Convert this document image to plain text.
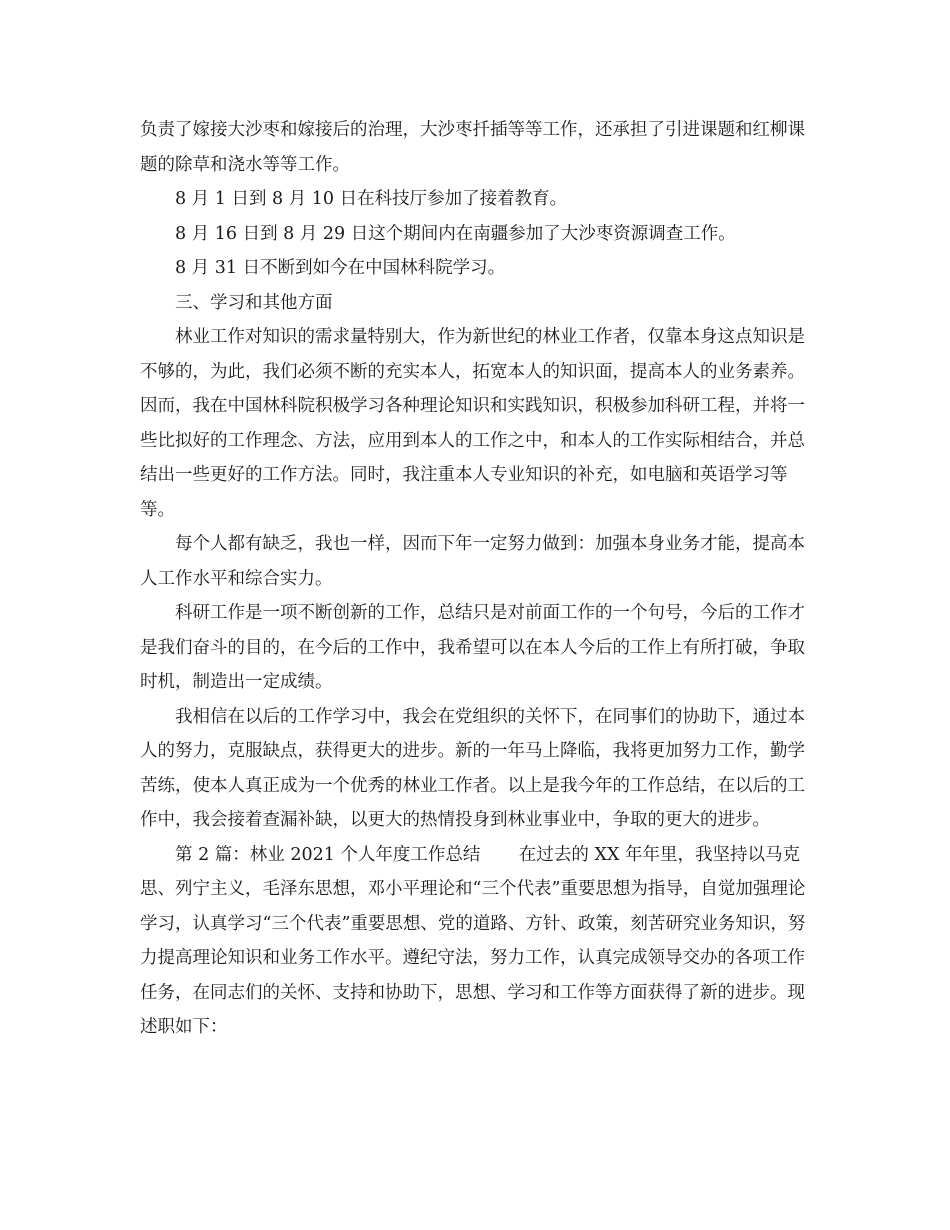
负责了嫁接大沙枣和嫁接后的治理，大沙枣扦插等等工作，还承担了引进课题和红柳课题的除草和浇水等等工作。

8 月 1 日到 8 月 10 日在科技厅参加了接着教育。

8 月 16 日到 8 月 29 日这个期间内在南疆参加了大沙枣资源调查工作。

8 月 31 日不断到如今在中国林科院学习。

三、学习和其他方面

林业工作对知识的需求量特别大，作为新世纪的林业工作者，仅靠本身这点知识是不够的，为此，我们必须不断的充实本人，拓宽本人的知识面，提高本人的业务素养。因而，我在中国林科院积极学习各种理论知识和实践知识，积极参加科研工程，并将一些比拟好的工作理念、方法，应用到本人的工作之中，和本人的工作实际相结合，并总结出一些更好的工作方法。同时，我注重本人专业知识的补充，如电脑和英语学习等等。

每个人都有缺乏，我也一样，因而下年一定努力做到：加强本身业务才能，提高本人工作水平和综合实力。

科研工作是一项不断创新的工作，总结只是对前面工作的一个句号，今后的工作才是我们奋斗的目的，在今后的工作中，我希望可以在本人今后的工作上有所打破，争取时机，制造出一定成绩。

我相信在以后的工作学习中，我会在党组织的关怀下，在同事们的协助下，通过本人的努力，克服缺点，获得更大的进步。新的一年马上降临，我将更加努力工作，勤学苦练，使本人真正成为一个优秀的林业工作者。以上是我今年的工作总结，在以后的工作中，我会接着查漏补缺，以更大的热情投身到林业事业中，争取的更大的进步。

第 2 篇：林业 2021 个人年度工作总结 在过去的 XX 年年里，我坚持以马克思、列宁主义，毛泽东思想，邓小平理论和“三个代表”重要思想为指导，自觉加强理论学习，认真学习“三个代表”重要思想、党的道路、方针、政策，刻苦研究业务知识，努力提高理论知识和业务工作水平。遵纪守法，努力工作，认真完成领导交办的各项工作任务，在同志们的关怀、支持和协助下，思想、学习和工作等方面获得了新的进步。现述职如下：
